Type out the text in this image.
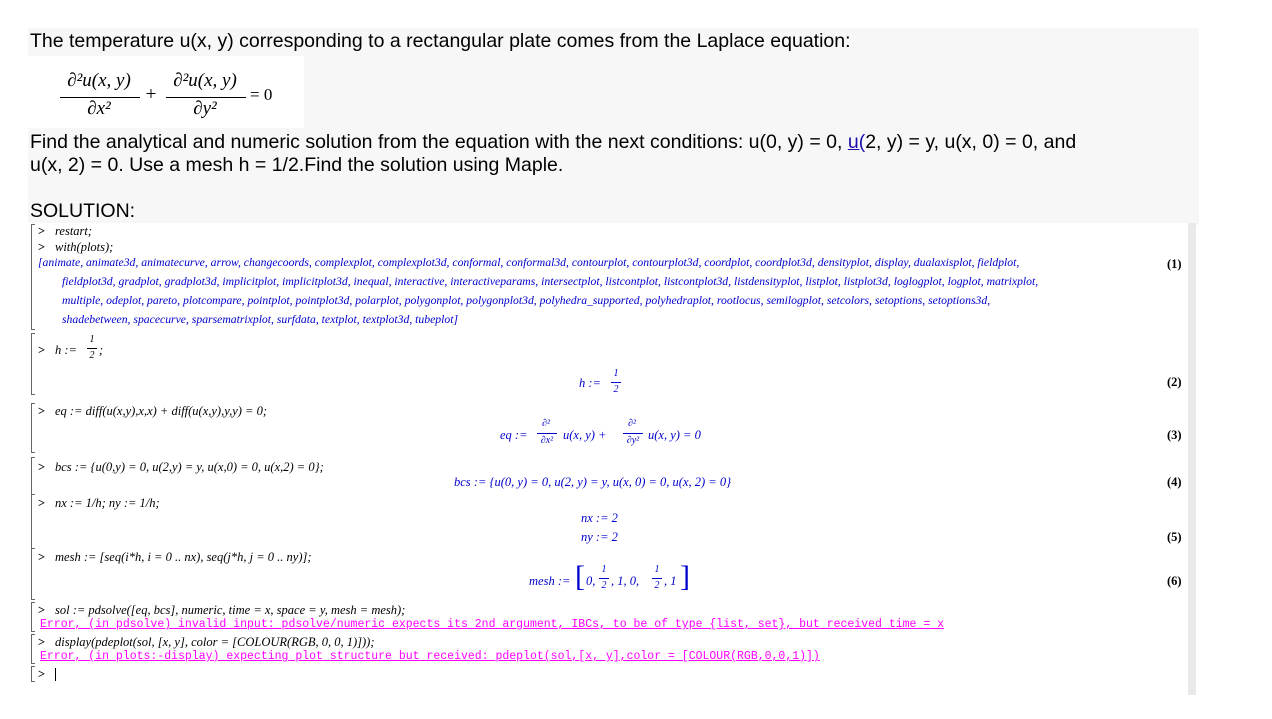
The temperature u(x, y) corresponding to a rectangular plate comes from the Laplace equation:
∂²u(x, y)
∂x²
+
∂²u(x, y)
∂y²
= 0
Find the analytical and numeric solution from the equation with the next conditions: u(0, y) = 0, u(2, y) = y, u(x, 0) = 0, and
u(x, 2) = 0. Use a mesh h = 1/2.Find the solution using Maple.
SOLUTION:
> restart;
> with(plots);
[animate, animate3d, animatecurve, arrow, changecoords, complexplot, complexplot3d, conformal, conformal3d, contourplot, contourplot3d, coordplot, coordplot3d, densityplot, display, dualaxisplot, fieldplot,
fieldplot3d, gradplot, gradplot3d, implicitplot, implicitplot3d, inequal, interactive, interactiveparams, intersectplot, listcontplot, listcontplot3d, listdensityplot, listplot, listplot3d, loglogplot, logplot, matrixplot,
multiple, odeplot, pareto, plotcompare, pointplot, pointplot3d, polarplot, polygonplot, polygonplot3d, polyhedra_supported, polyhedraplot, rootlocus, semilogplot, setcolors, setoptions, setoptions3d,
shadebetween, spacecurve, sparsematrixplot, surfdata, textplot, textplot3d, tubeplot]
(1)
> h :=
1
2 ;
h :=
1
2
(2)
> eq := diff(u(x,y),x,x) + diff(u(x,y),y,y) = 0;
eq :=
∂²
∂x² u(x, y) +
∂²
∂y² u(x, y) = 0	(3)
> bcs := {u(0,y) = 0, u(2,y) = y, u(x,0) = 0, u(x,2) = 0};
bcs := {u(0, y) = 0, u(2, y) = y, u(x, 0) = 0, u(x, 2) = 0}	(4)
> nx := 1/h; ny := 1/h;
nx := 2
ny := 2	(5)
> mesh := [seq(i*h, i = 0 .. nx), seq(j*h, j = 0 .. ny)];
mesh := [ 0,
1
2 , 1, 0,
1
2 , 1 ]	(6)
> sol := pdsolve([eq, bcs], numeric, time = x, space = y, mesh = mesh);
Error, (in pdsolve) invalid input: pdsolve/numeric expects its 2nd argument, IBCs, to be of type {list, set}, but received time = x
> display(pdeplot(sol, [x, y], color = [COLOUR(RGB, 0, 0, 1)]));
Error, (in plots:-display) expecting plot structure but received: pdeplot(sol,[x, y],color = [COLOUR(RGB,0,0,1)])
>
